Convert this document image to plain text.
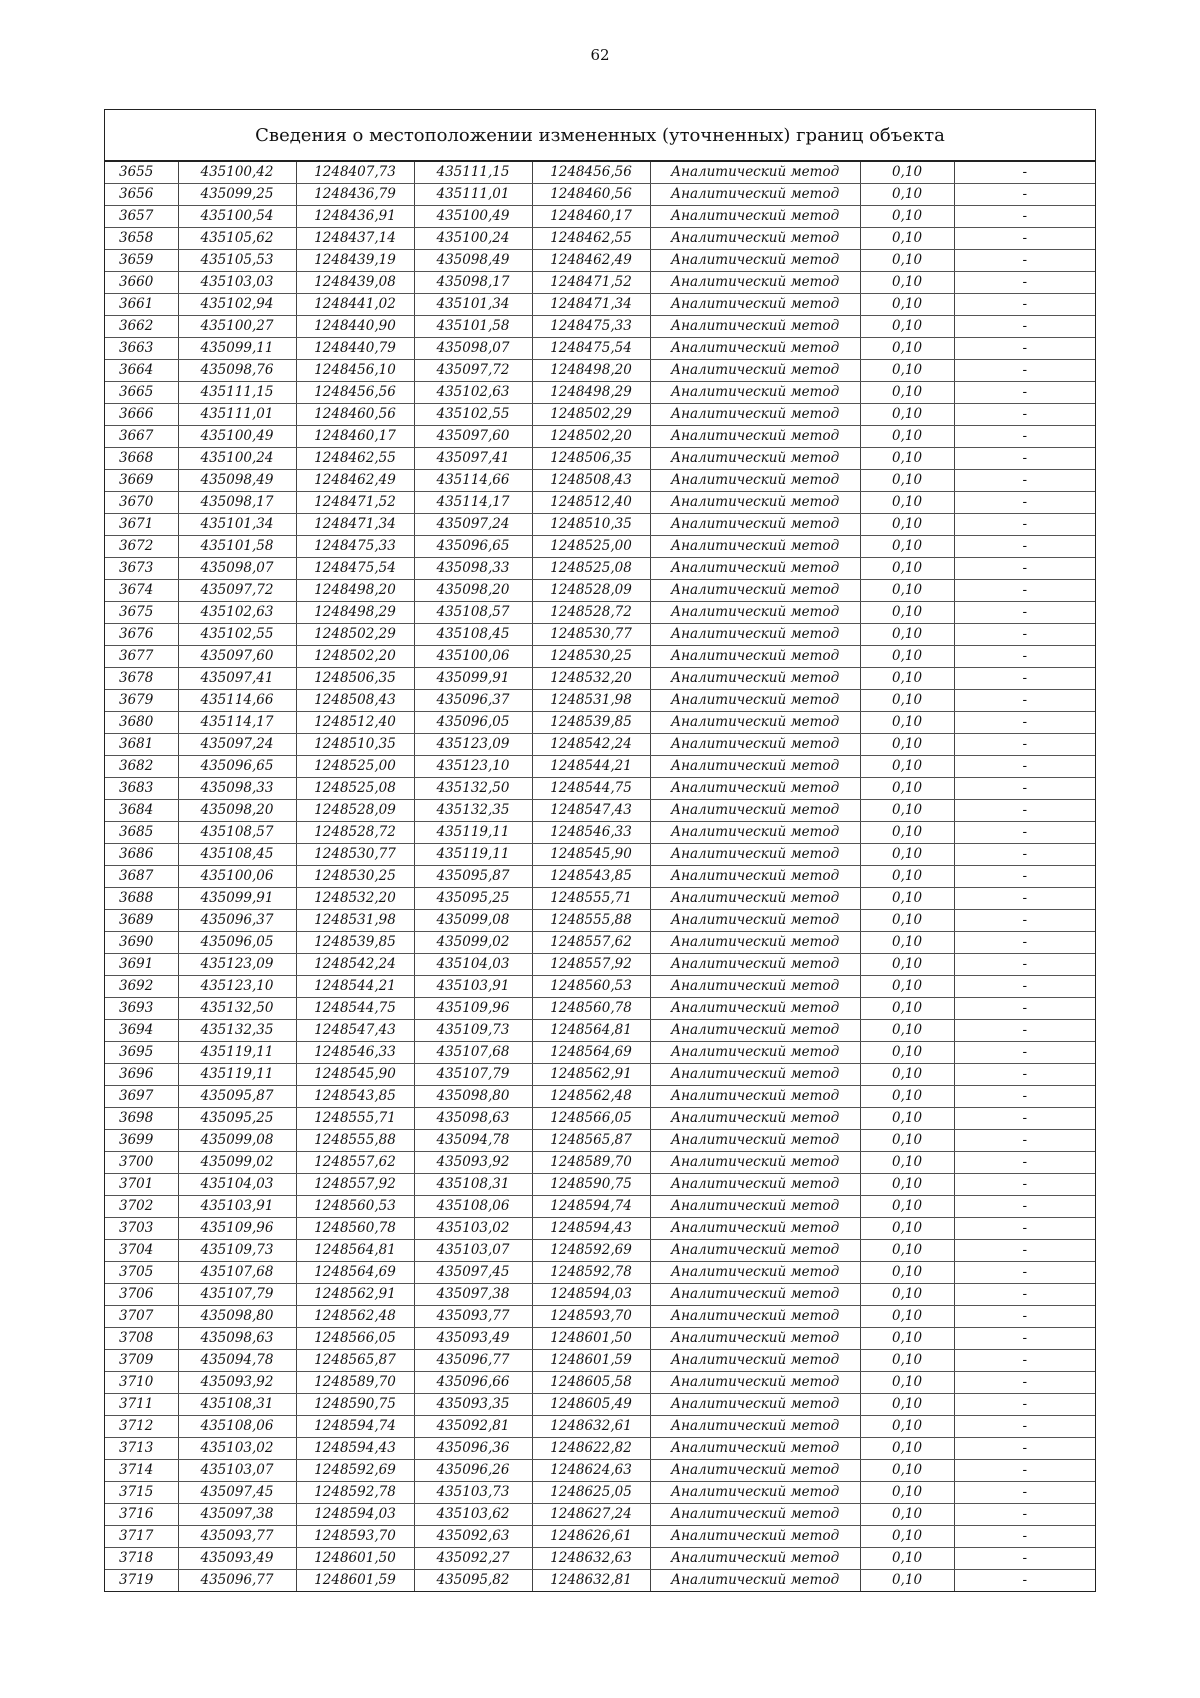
62
Сведения о местоположении измененных (уточненных) границ объекта
3655	435100,42	1248407,73	435111,15	1248456,56	Аналитический метод	0,10	-
3656	435099,25	1248436,79	435111,01	1248460,56	Аналитический метод	0,10	-
3657	435100,54	1248436,91	435100,49	1248460,17	Аналитический метод	0,10	-
3658	435105,62	1248437,14	435100,24	1248462,55	Аналитический метод	0,10	-
3659	435105,53	1248439,19	435098,49	1248462,49	Аналитический метод	0,10	-
3660	435103,03	1248439,08	435098,17	1248471,52	Аналитический метод	0,10	-
3661	435102,94	1248441,02	435101,34	1248471,34	Аналитический метод	0,10	-
3662	435100,27	1248440,90	435101,58	1248475,33	Аналитический метод	0,10	-
3663	435099,11	1248440,79	435098,07	1248475,54	Аналитический метод	0,10	-
3664	435098,76	1248456,10	435097,72	1248498,20	Аналитический метод	0,10	-
3665	435111,15	1248456,56	435102,63	1248498,29	Аналитический метод	0,10	-
3666	435111,01	1248460,56	435102,55	1248502,29	Аналитический метод	0,10	-
3667	435100,49	1248460,17	435097,60	1248502,20	Аналитический метод	0,10	-
3668	435100,24	1248462,55	435097,41	1248506,35	Аналитический метод	0,10	-
3669	435098,49	1248462,49	435114,66	1248508,43	Аналитический метод	0,10	-
3670	435098,17	1248471,52	435114,17	1248512,40	Аналитический метод	0,10	-
3671	435101,34	1248471,34	435097,24	1248510,35	Аналитический метод	0,10	-
3672	435101,58	1248475,33	435096,65	1248525,00	Аналитический метод	0,10	-
3673	435098,07	1248475,54	435098,33	1248525,08	Аналитический метод	0,10	-
3674	435097,72	1248498,20	435098,20	1248528,09	Аналитический метод	0,10	-
3675	435102,63	1248498,29	435108,57	1248528,72	Аналитический метод	0,10	-
3676	435102,55	1248502,29	435108,45	1248530,77	Аналитический метод	0,10	-
3677	435097,60	1248502,20	435100,06	1248530,25	Аналитический метод	0,10	-
3678	435097,41	1248506,35	435099,91	1248532,20	Аналитический метод	0,10	-
3679	435114,66	1248508,43	435096,37	1248531,98	Аналитический метод	0,10	-
3680	435114,17	1248512,40	435096,05	1248539,85	Аналитический метод	0,10	-
3681	435097,24	1248510,35	435123,09	1248542,24	Аналитический метод	0,10	-
3682	435096,65	1248525,00	435123,10	1248544,21	Аналитический метод	0,10	-
3683	435098,33	1248525,08	435132,50	1248544,75	Аналитический метод	0,10	-
3684	435098,20	1248528,09	435132,35	1248547,43	Аналитический метод	0,10	-
3685	435108,57	1248528,72	435119,11	1248546,33	Аналитический метод	0,10	-
3686	435108,45	1248530,77	435119,11	1248545,90	Аналитический метод	0,10	-
3687	435100,06	1248530,25	435095,87	1248543,85	Аналитический метод	0,10	-
3688	435099,91	1248532,20	435095,25	1248555,71	Аналитический метод	0,10	-
3689	435096,37	1248531,98	435099,08	1248555,88	Аналитический метод	0,10	-
3690	435096,05	1248539,85	435099,02	1248557,62	Аналитический метод	0,10	-
3691	435123,09	1248542,24	435104,03	1248557,92	Аналитический метод	0,10	-
3692	435123,10	1248544,21	435103,91	1248560,53	Аналитический метод	0,10	-
3693	435132,50	1248544,75	435109,96	1248560,78	Аналитический метод	0,10	-
3694	435132,35	1248547,43	435109,73	1248564,81	Аналитический метод	0,10	-
3695	435119,11	1248546,33	435107,68	1248564,69	Аналитический метод	0,10	-
3696	435119,11	1248545,90	435107,79	1248562,91	Аналитический метод	0,10	-
3697	435095,87	1248543,85	435098,80	1248562,48	Аналитический метод	0,10	-
3698	435095,25	1248555,71	435098,63	1248566,05	Аналитический метод	0,10	-
3699	435099,08	1248555,88	435094,78	1248565,87	Аналитический метод	0,10	-
3700	435099,02	1248557,62	435093,92	1248589,70	Аналитический метод	0,10	-
3701	435104,03	1248557,92	435108,31	1248590,75	Аналитический метод	0,10	-
3702	435103,91	1248560,53	435108,06	1248594,74	Аналитический метод	0,10	-
3703	435109,96	1248560,78	435103,02	1248594,43	Аналитический метод	0,10	-
3704	435109,73	1248564,81	435103,07	1248592,69	Аналитический метод	0,10	-
3705	435107,68	1248564,69	435097,45	1248592,78	Аналитический метод	0,10	-
3706	435107,79	1248562,91	435097,38	1248594,03	Аналитический метод	0,10	-
3707	435098,80	1248562,48	435093,77	1248593,70	Аналитический метод	0,10	-
3708	435098,63	1248566,05	435093,49	1248601,50	Аналитический метод	0,10	-
3709	435094,78	1248565,87	435096,77	1248601,59	Аналитический метод	0,10	-
3710	435093,92	1248589,70	435096,66	1248605,58	Аналитический метод	0,10	-
3711	435108,31	1248590,75	435093,35	1248605,49	Аналитический метод	0,10	-
3712	435108,06	1248594,74	435092,81	1248632,61	Аналитический метод	0,10	-
3713	435103,02	1248594,43	435096,36	1248622,82	Аналитический метод	0,10	-
3714	435103,07	1248592,69	435096,26	1248624,63	Аналитический метод	0,10	-
3715	435097,45	1248592,78	435103,73	1248625,05	Аналитический метод	0,10	-
3716	435097,38	1248594,03	435103,62	1248627,24	Аналитический метод	0,10	-
3717	435093,77	1248593,70	435092,63	1248626,61	Аналитический метод	0,10	-
3718	435093,49	1248601,50	435092,27	1248632,63	Аналитический метод	0,10	-
3719	435096,77	1248601,59	435095,82	1248632,81	Аналитический метод	0,10	-
